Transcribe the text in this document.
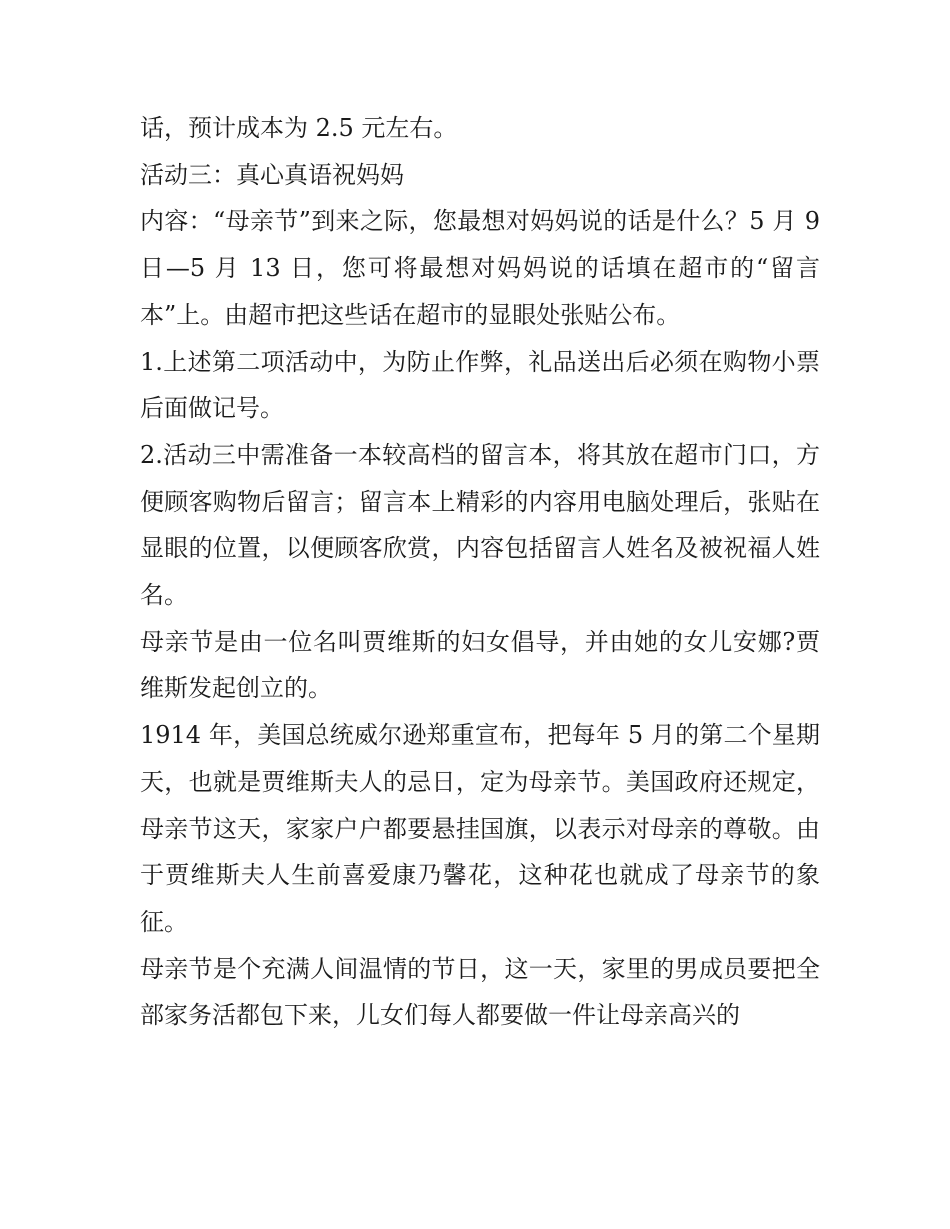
话，预计成本为 2.5 元左右。

活动三：真心真语祝妈妈

内容：“母亲节”到来之际，您最想对妈妈说的话是什么？5 月 9 日—5 月 13 日，您可将最想对妈妈说的话填在超市的“留言本”上。由超市把这些话在超市的显眼处张贴公布。

1.上述第二项活动中，为防止作弊，礼品送出后必须在购物小票后面做记号。

2.活动三中需准备一本较高档的留言本，将其放在超市门口，方便顾客购物后留言；留言本上精彩的内容用电脑处理后，张贴在显眼的位置，以便顾客欣赏，内容包括留言人姓名及被祝福人姓名。

母亲节是由一位名叫贾维斯的妇女倡导，并由她的女儿安娜?贾维斯发起创立的。

1914 年，美国总统威尔逊郑重宣布，把每年 5 月的第二个星期天，也就是贾维斯夫人的忌日，定为母亲节。美国政府还规定，母亲节这天，家家户户都要悬挂国旗，以表示对母亲的尊敬。由于贾维斯夫人生前喜爱康乃馨花，这种花也就成了母亲节的象征。

母亲节是个充满人间温情的节日，这一天，家里的男成员要把全部家务活都包下来，儿女们每人都要做一件让母亲高兴的
